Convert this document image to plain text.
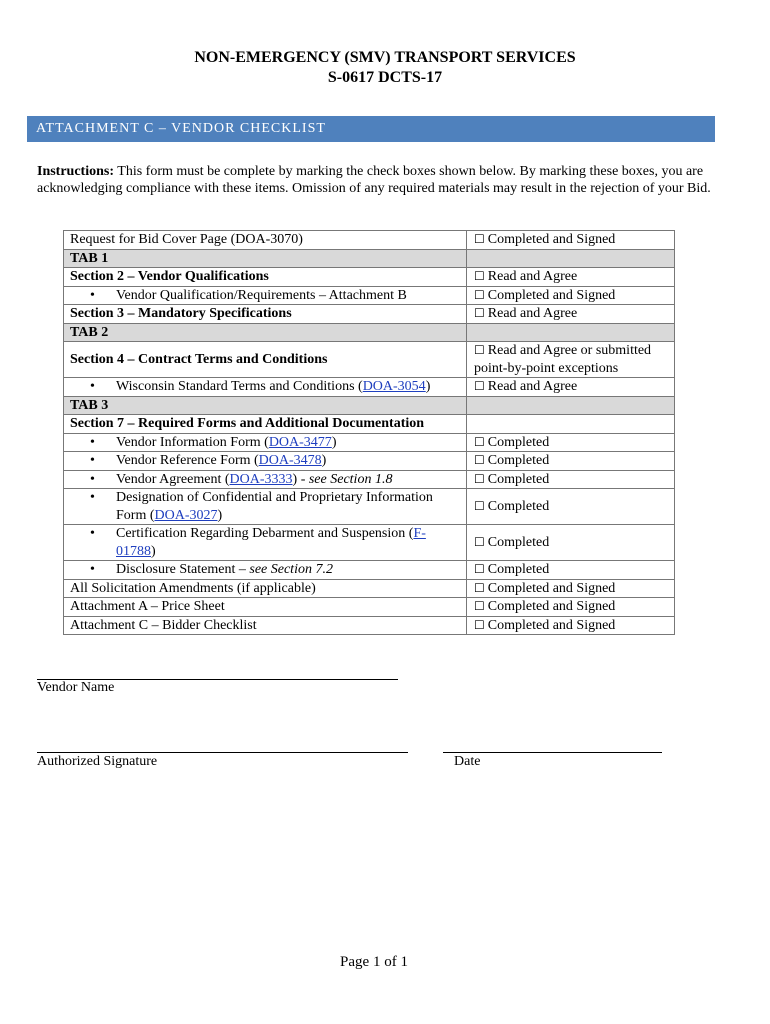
NON-EMERGENCY (SMV) TRANSPORT SERVICES
S-0617 DCTS-17
ATTACHMENT C – VENDOR CHECKLIST
Instructions: This form must be complete by marking the check boxes shown below. By marking these boxes, you are acknowledging compliance with these items. Omission of any required materials may result in the rejection of your Bid.
Request for Bid Cover Page (DOA-3070)	☐ Completed and Signed
TAB 1	
Section 2 – Vendor Qualifications	☐ Read and Agree

• Vendor Qualification/Requirements – Attachment B	☐ Completed and Signed
Section 3 – Mandatory Specifications	☐ Read and Agree
TAB 2	
Section 4 – Contract Terms and Conditions	☐ Read and Agree or submitted point-by-point exceptions

• Wisconsin Standard Terms and Conditions (DOA-3054)	☐ Read and Agree
TAB 3	
Section 7 – Required Forms and Additional Documentation	

• Vendor Information Form (DOA-3477)	☐ Completed

• Vendor Reference Form (DOA-3478)	☐ Completed

• Vendor Agreement (DOA-3333) - see Section 1.8	☐ Completed

• Designation of Confidential and Proprietary Information Form (DOA-3027)	☐ Completed

• Certification Regarding Debarment and Suspension (F-01788)	☐ Completed

• Disclosure Statement – see Section 7.2	☐ Completed
All Solicitation Amendments (if applicable)	☐ Completed and Signed
Attachment A – Price Sheet	☐ Completed and Signed
Attachment C – Bidder Checklist	☐ Completed and Signed
Vendor Name
Authorized Signature	Date
Page 1 of 1
